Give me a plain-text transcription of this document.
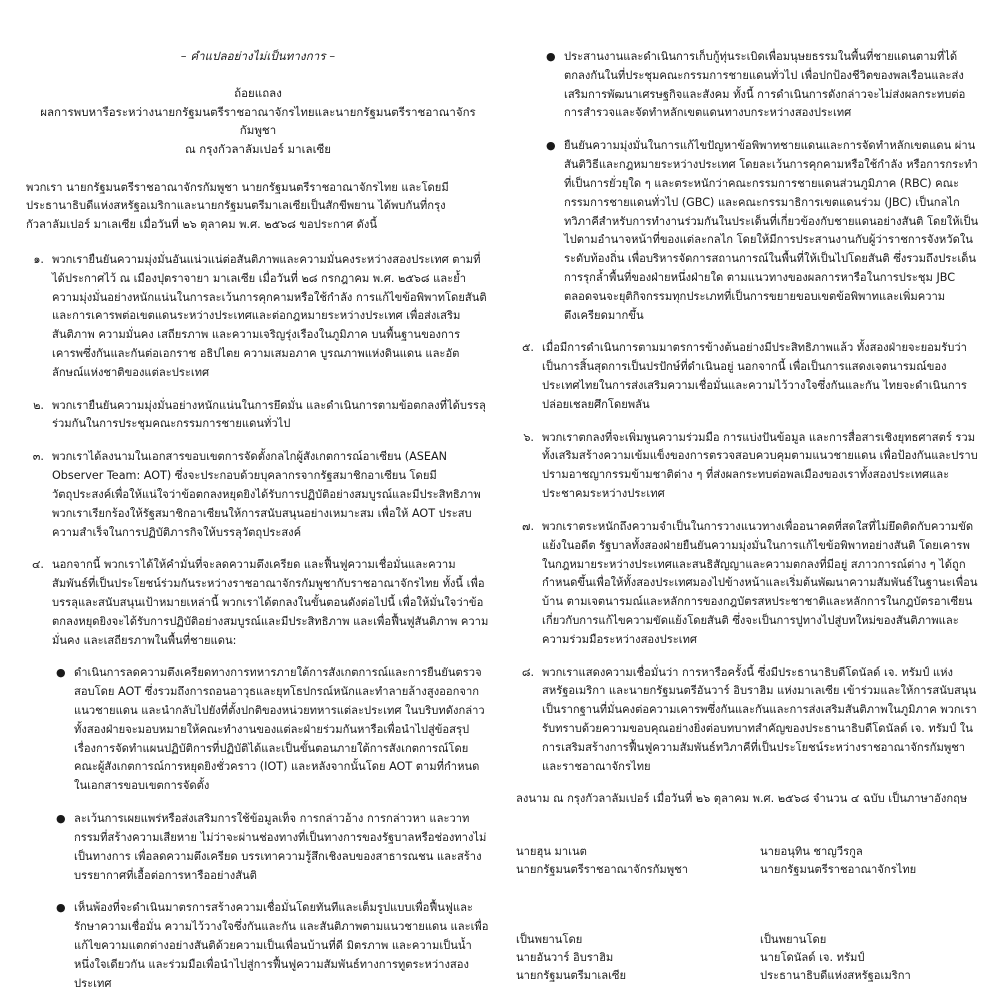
– คำแปลอย่างไม่เป็นทางการ –
ถ้อยแถลง
ผลการพบหารือระหว่างนายกรัฐมนตรีราชอาณาจักรไทยและนายกรัฐมนตรีราชอาณาจักรกัมพูชา
ณ กรุงกัวลาลัมเปอร์ มาเลเซีย

พวกเรา นายกรัฐมนตรีราชอาณาจักรกัมพูชา นายกรัฐมนตรีราชอาณาจักรไทย และโดยมีประธานาธิบดีแห่งสหรัฐอเมริกาและนายกรัฐมนตรีมาเลเซียเป็นสักขีพยาน ได้พบกันที่กรุงกัวลาลัมเปอร์ มาเลเซีย เมื่อวันที่ ๒๖ ตุลาคม พ.ศ. ๒๕๖๘ ขอประกาศ ดังนี้

๑. พวกเรายืนยันความมุ่งมั่นอันแน่วแน่ต่อสันติภาพและความมั่นคงระหว่างสองประเทศ ตามที่ได้ประกาศไว้ ณ เมืองปุตราจายา มาเลเซีย เมื่อวันที่ ๒๘ กรกฎาคม พ.ศ. ๒๕๖๘ และย้ำความมุ่งมั่นอย่างหนักแน่นในการละเว้นการคุกคามหรือใช้กำลัง การแก้ไขข้อพิพาทโดยสันติ และการเคารพต่อเขตแดนระหว่างประเทศและต่อกฎหมายระหว่างประเทศ เพื่อส่งเสริมสันติภาพ ความมั่นคง เสถียรภาพ และความเจริญรุ่งเรืองในภูมิภาค บนพื้นฐานของการเคารพซึ่งกันและกันต่อเอกราช อธิปไตย ความเสมอภาค บูรณภาพแห่งดินแดน และอัตลักษณ์แห่งชาติของแต่ละประเทศ
๒. พวกเรายืนยันความมุ่งมั่นอย่างหนักแน่นในการยึดมั่น และดำเนินการตามข้อตกลงที่ได้บรรลุร่วมกันในการประชุมคณะกรรมการชายแดนทั่วไป
๓. พวกเราได้ลงนามในเอกสารขอบเขตการจัดตั้งกลไกผู้สังเกตการณ์อาเซียน (ASEAN Observer Team: AOT) ซึ่งจะประกอบด้วยบุคลากรจากรัฐสมาชิกอาเซียน โดยมีวัตถุประสงค์เพื่อให้แน่ใจว่าข้อตกลงหยุดยิงได้รับการปฏิบัติอย่างสมบูรณ์และมีประสิทธิภาพ พวกเราเรียกร้องให้รัฐสมาชิกอาเซียนให้การสนับสนุนอย่างเหมาะสม เพื่อให้ AOT ประสบความสำเร็จในการปฏิบัติภารกิจให้บรรลุวัตถุประสงค์
๔. นอกจากนี้ พวกเราได้ให้คำมั่นที่จะลดความตึงเครียด และฟื้นฟูความเชื่อมั่นและความสัมพันธ์ที่เป็นประโยชน์ร่วมกันระหว่างราชอาณาจักรกัมพูชากับราชอาณาจักรไทย ทั้งนี้ เพื่อบรรลุและสนับสนุนเป้าหมายเหล่านี้ พวกเราได้ตกลงในขั้นตอนดังต่อไปนี้ เพื่อให้มั่นใจว่าข้อตกลงหยุดยิงจะได้รับการปฏิบัติอย่างสมบูรณ์และมีประสิทธิภาพ และเพื่อฟื้นฟูสันติภาพ ความมั่นคง และเสถียรภาพในพื้นที่ชายแดน:
● ดำเนินการลดความตึงเครียดทางการทหารภายใต้การสังเกตการณ์และการยืนยันตรวจสอบโดย AOT ซึ่งรวมถึงการถอนอาวุธและยุทโธปกรณ์หนักและทำลายล้างสูงออกจากแนวชายแดน และนำกลับไปยังที่ตั้งปกติของหน่วยทหารแต่ละประเทศ ในบริบทดังกล่าว ทั้งสองฝ่ายจะมอบหมายให้คณะทำงานของแต่ละฝ่ายร่วมกันหารือเพื่อนำไปสู่ข้อสรุปเรื่องการจัดทำแผนปฏิบัติการที่ปฏิบัติได้และเป็นขั้นตอนภายใต้การสังเกตการณ์โดยคณะผู้สังเกตการณ์การหยุดยิงชั่วคราว (IOT) และหลังจากนั้นโดย AOT ตามที่กำหนดในเอกสารขอบเขตการจัดตั้ง
● ละเว้นการเผยแพร่หรือส่งเสริมการใช้ข้อมูลเท็จ การกล่าวอ้าง การกล่าวหา และวาทกรรมที่สร้างความเสียหาย ไม่ว่าจะผ่านช่องทางที่เป็นทางการของรัฐบาลหรือช่องทางไม่เป็นทางการ เพื่อลดความตึงเครียด บรรเทาความรู้สึกเชิงลบของสาธารณชน และสร้างบรรยากาศที่เอื้อต่อการหารืออย่างสันติ
● เห็นพ้องที่จะดำเนินมาตรการสร้างความเชื่อมั่นโดยทันทีและเต็มรูปแบบเพื่อฟื้นฟูและรักษาความเชื่อมั่น ความไว้วางใจซึ่งกันและกัน และสันติภาพตามแนวชายแดน และเพื่อแก้ไขความแตกต่างอย่างสันติด้วยความเป็นเพื่อนบ้านที่ดี มิตรภาพ และความเป็นน้ำหนึ่งใจเดียวกัน และร่วมมือเพื่อนำไปสู่การฟื้นฟูความสัมพันธ์ทางการทูตระหว่างสองประเทศ
● ประสานงานและดำเนินการเก็บกู้ทุ่นระเบิดเพื่อมนุษยธรรมในพื้นที่ชายแดนตามที่ได้ตกลงกันในที่ประชุมคณะกรรมการชายแดนทั่วไป เพื่อปกป้องชีวิตของพลเรือนและส่งเสริมการพัฒนาเศรษฐกิจและสังคม ทั้งนี้ การดำเนินการดังกล่าวจะไม่ส่งผลกระทบต่อการสำรวจและจัดทำหลักเขตแดนทางบกระหว่างสองประเทศ
● ยืนยันความมุ่งมั่นในการแก้ไขปัญหาข้อพิพาทชายแดนและการจัดทำหลักเขตแดน ผ่านสันติวิธีและกฎหมายระหว่างประเทศ โดยละเว้นการคุกคามหรือใช้กำลัง หรือการกระทำที่เป็นการยั่วยุใด ๆ และตระหนักว่าคณะกรรมการชายแดนส่วนภูมิภาค (RBC) คณะกรรมการชายแดนทั่วไป (GBC) และคณะกรรมาธิการเขตแดนร่วม (JBC) เป็นกลไกทวิภาคีสำหรับการทำงานร่วมกันในประเด็นที่เกี่ยวข้องกับชายแดนอย่างสันติ โดยให้เป็นไปตามอำนาจหน้าที่ของแต่ละกลไก โดยให้มีการประสานงานกับผู้ว่าราชการจังหวัดในระดับท้องถิ่น เพื่อบริหารจัดการสถานการณ์ในพื้นที่ให้เป็นไปโดยสันติ ซึ่งรวมถึงประเด็นการรุกล้ำพื้นที่ของฝ่ายหนึ่งฝ่ายใด ตามแนวทางของผลการหารือในการประชุม JBC ตลอดจนจะยุติกิจกรรมทุกประเภทที่เป็นการขยายขอบเขตข้อพิพาทและเพิ่มความตึงเครียดมากขึ้น
๕. เมื่อมีการดำเนินการตามมาตรการข้างต้นอย่างมีประสิทธิภาพแล้ว ทั้งสองฝ่ายจะยอมรับว่าเป็นการสิ้นสุดการเป็นปรปักษ์ที่ดำเนินอยู่ นอกจากนี้ เพื่อเป็นการแสดงเจตนารมณ์ของประเทศไทยในการส่งเสริมความเชื่อมั่นและความไว้วางใจซึ่งกันและกัน ไทยจะดำเนินการปล่อยเชลยศึกโดยพลัน
๖. พวกเราตกลงที่จะเพิ่มพูนความร่วมมือ การแบ่งปันข้อมูล และการสื่อสารเชิงยุทธศาสตร์ รวมทั้งเสริมสร้างความเข้มแข็งของการตรวจสอบควบคุมตามแนวชายแดน เพื่อป้องกันและปราบปรามอาชญากรรมข้ามชาติต่าง ๆ ที่ส่งผลกระทบต่อพลเมืองของเราทั้งสองประเทศและประชาคมระหว่างประเทศ
๗. พวกเราตระหนักถึงความจำเป็นในการวางแนวทางเพื่ออนาคตที่สดใสที่ไม่ยึดติดกับความขัดแย้งในอดีต รัฐบาลทั้งสองฝ่ายยืนยันความมุ่งมั่นในการแก้ไขข้อพิพาทอย่างสันติ โดยเคารพในกฎหมายระหว่างประเทศและสนธิสัญญาและความตกลงที่มีอยู่ สภาวการณ์ต่าง ๆ ได้ถูกกำหนดขึ้นเพื่อให้ทั้งสองประเทศมองไปข้างหน้าและเริ่มต้นพัฒนาความสัมพันธ์ในฐานะเพื่อนบ้าน ตามเจตนารมณ์และหลักการของกฎบัตรสหประชาชาติและหลักการในกฎบัตรอาเซียนเกี่ยวกับการแก้ไขความขัดแย้งโดยสันติ ซึ่งจะเป็นการปูทางไปสู่บทใหม่ของสันติภาพและความร่วมมือระหว่างสองประเทศ
๘. พวกเราแสดงความเชื่อมั่นว่า การหารือครั้งนี้ ซึ่งมีประธานาธิบดีโดนัลด์ เจ. ทรัมป์ แห่งสหรัฐอเมริกา และนายกรัฐมนตรีอันวาร์ อิบราฮิม แห่งมาเลเซีย เข้าร่วมและให้การสนับสนุน เป็นรากฐานที่มั่นคงต่อความเคารพซึ่งกันและกันและการส่งเสริมสันติภาพในภูมิภาค พวกเรารับทราบด้วยความขอบคุณอย่างยิ่งต่อบทบาทสำคัญของประธานาธิบดีโดนัลด์ เจ. ทรัมป์ ในการเสริมสร้างการฟื้นฟูความสัมพันธ์ทวิภาคีที่เป็นประโยชน์ระหว่างราชอาณาจักรกัมพูชาและราชอาณาจักรไทย

ลงนาม ณ กรุงกัวลาลัมเปอร์ เมื่อวันที่ ๒๖ ตุลาคม พ.ศ. ๒๕๖๘ จำนวน ๔ ฉบับ เป็นภาษาอังกฤษ

นายฮุน มาเนต
นายกรัฐมนตรีราชอาณาจักรกัมพูชา
นายอนุทิน ชาญวีรกูล
นายกรัฐมนตรีราชอาณาจักรไทย
เป็นพยานโดย
นายอันวาร์ อิบราฮิม
นายกรัฐมนตรีมาเลเซีย
เป็นพยานโดย
นายโดนัลด์ เจ. ทรัมป์
ประธานาธิบดีแห่งสหรัฐอเมริกา
